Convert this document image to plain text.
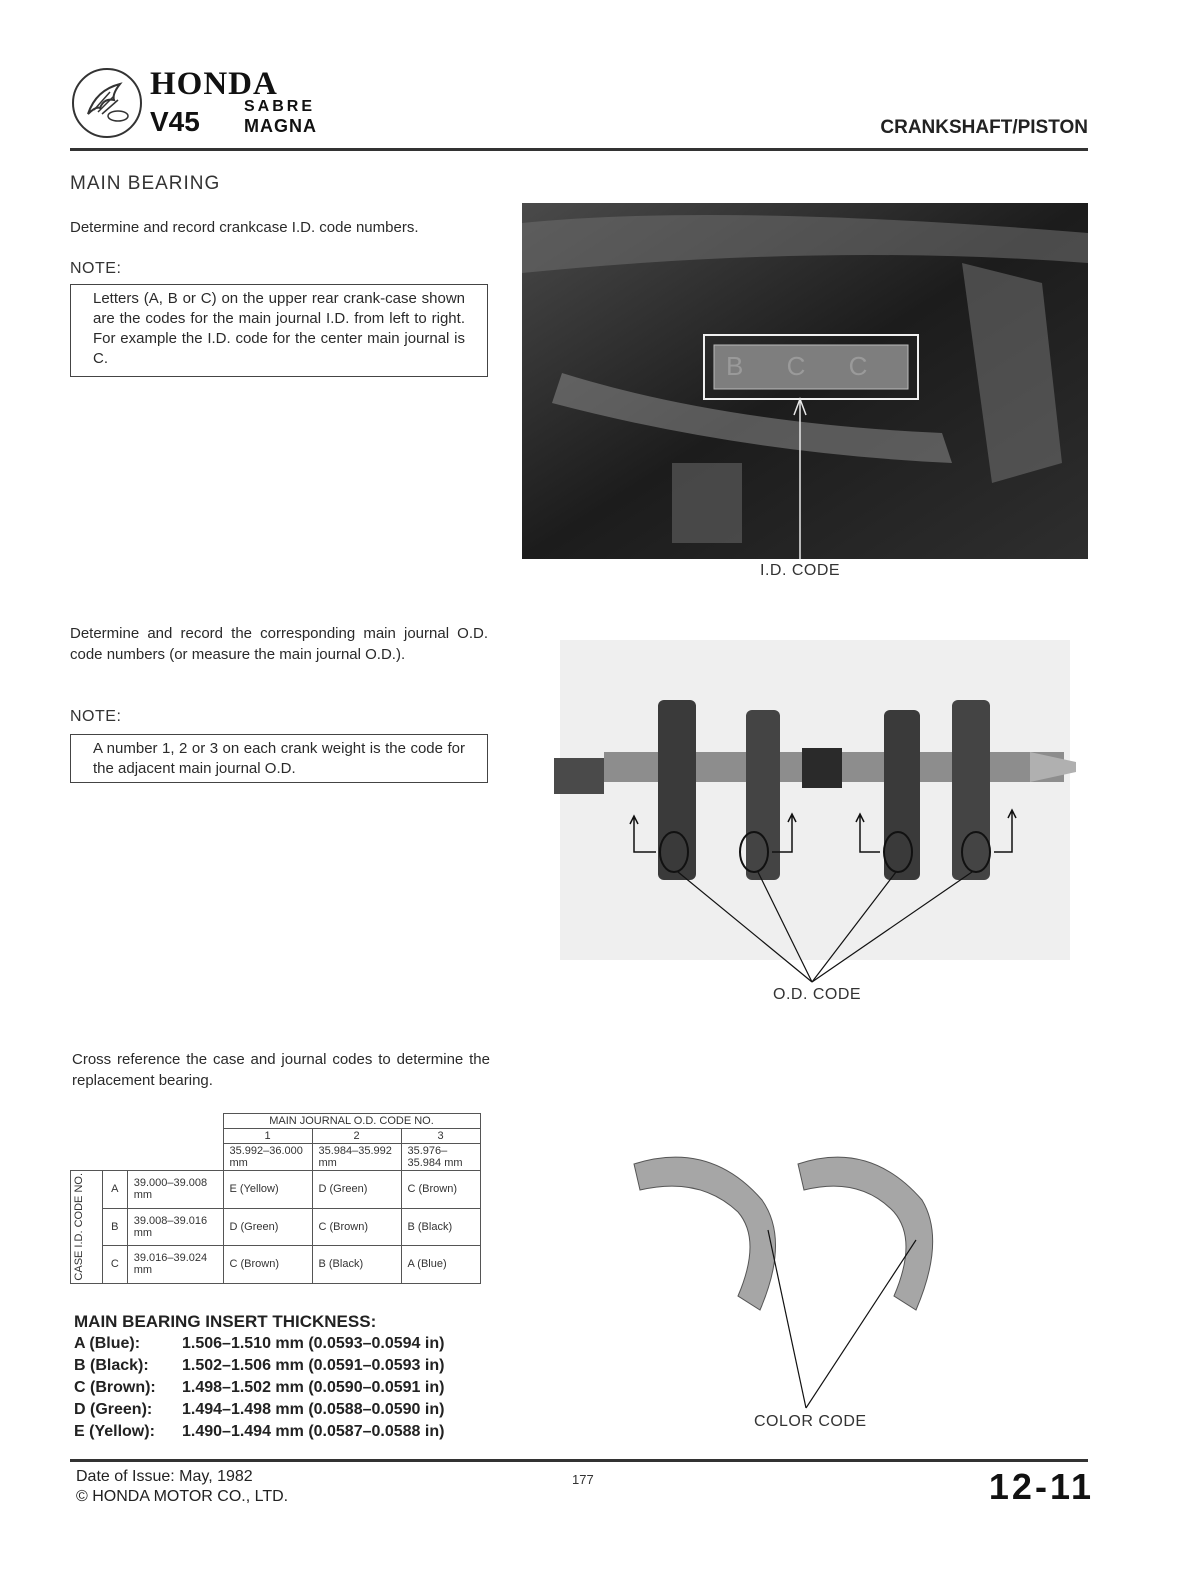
HONDA
V45	SABRE
MAGNA	CRANKSHAFT/PISTON
MAIN BEARING
Determine and record crankcase I.D. code numbers.
NOTE:
Letters (A, B or C) on the upper rear crank-case shown are the codes for the main journal I.D. from left to right. For example the I.D. code for the center main journal is C.	B C C
I.D. CODE
Determine and record the corresponding main journal O.D. code numbers (or measure the main journal O.D.).
NOTE:
A number 1, 2 or 3 on each crank weight is the code for the adjacent main journal O.D.
O.D. CODE
Cross reference the case and journal codes to determine the replacement bearing.
			MAIN JOURNAL O.D. CODE NO.		
			1	2	3
			35.992–36.000 mm	35.984–35.992 mm	35.976–35.984 mm

CASE I.D. CODE NO.	A	39.000–39.008 mm	E (Yellow)	D (Green)	C (Brown)
	B	39.008–39.016 mm	D (Green)	C (Brown)	B (Black)
	C	39.016–39.024 mm	C (Brown)	B (Black)	A (Blue)
COLOR CODE
MAIN BEARING INSERT THICKNESS:
A (Blue):	1.506–1.510 mm (0.0593–0.0594 in)
B (Black): 1.502–1.506 mm (0.0591–0.0593 in)
C (Brown): 1.498–1.502 mm (0.0590–0.0591 in)
D (Green): 1.494–1.498 mm (0.0588–0.0590 in)
E (Yellow): 1.490–1.494 mm (0.0587–0.0588 in)
Date of Issue: May, 1982
© HONDA MOTOR CO., LTD.
177	12-11
